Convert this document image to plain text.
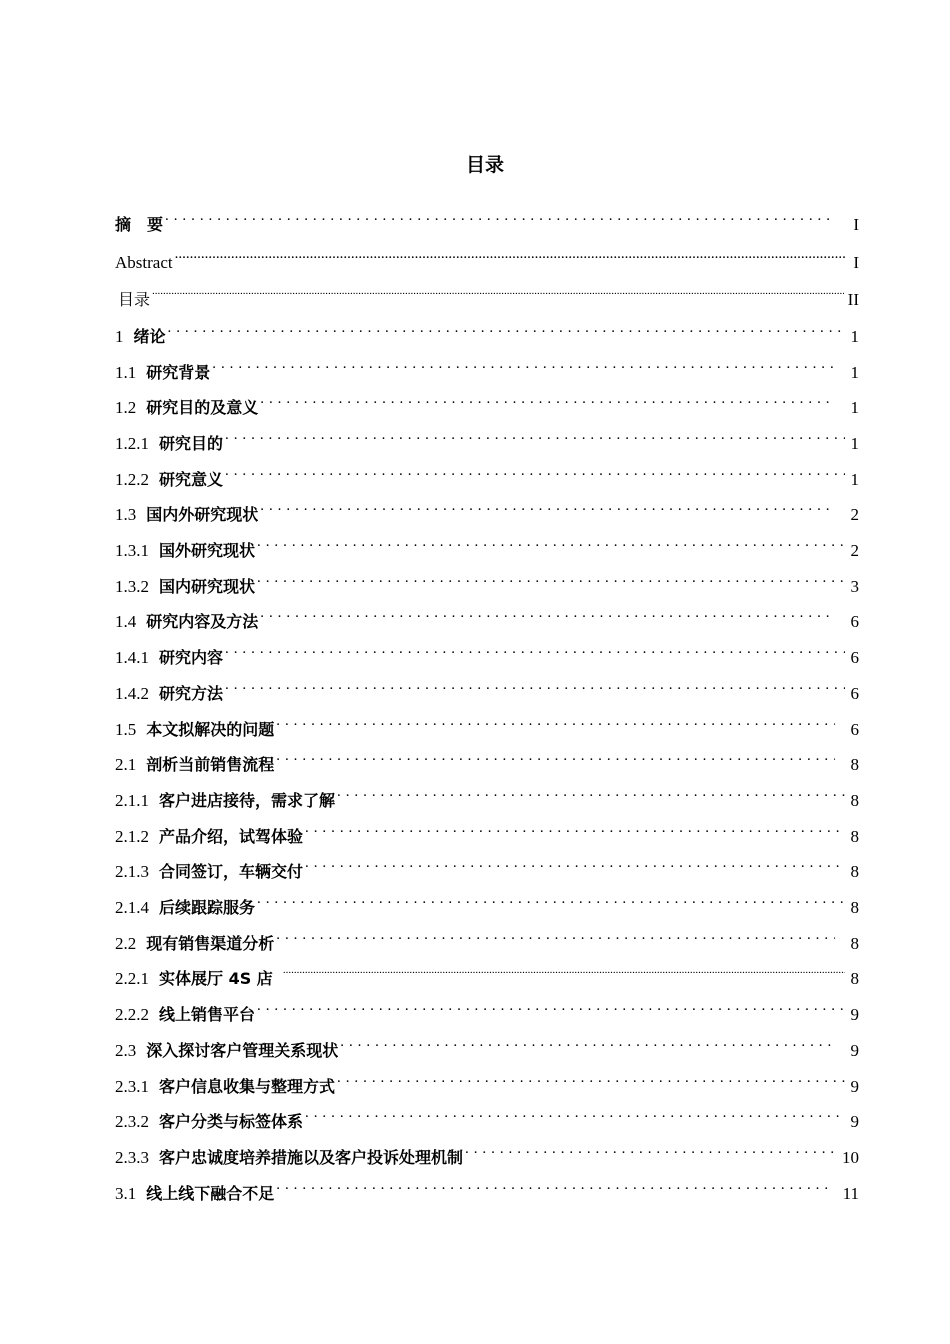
目录
摘　要 . . .	I
Abstract .....	I
目录 .....	II
1 绪论 . . .	1
1.1 研究背景 . . .	1
1.2 研究目的及意义 . . .	1
1.2.1 研究目的 . . .	1
1.2.2 研究意义 . . .	1
1.3 国内外研究现状 . . .	2
1.3.1 国外研究现状 . . .	2
1.3.2 国内研究现状 . . .	3
1.4 研究内容及方法 . . .	6
1.4.1 研究内容 . . .	6
1.4.2 研究方法 . . .	6
1.5 本文拟解决的问题 . . .	6
2.1 剖析当前销售流程 . . .	8
2.1.1 客户进店接待，需求了解 . . .	8
2.1.2 产品介绍，试驾体验 . . .	8
2.1.3 合同签订，车辆交付 . . .	8
2.1.4 后续跟踪服务 . . .	8
2.2 现有销售渠道分析 . . .	8
2.2.1 实体展厅 4S 店 .....	8
2.2.2 线上销售平台 . . .	9
2.3 深入探讨客户管理关系现状 . . .	9
2.3.1 客户信息收集与整理方式 . . .	9
2.3.2 客户分类与标签体系 . . .	9
2.3.3 客户忠诚度培养措施以及客户投诉处理机制 . . .	10
3.1 线上线下融合不足 . . .	11
